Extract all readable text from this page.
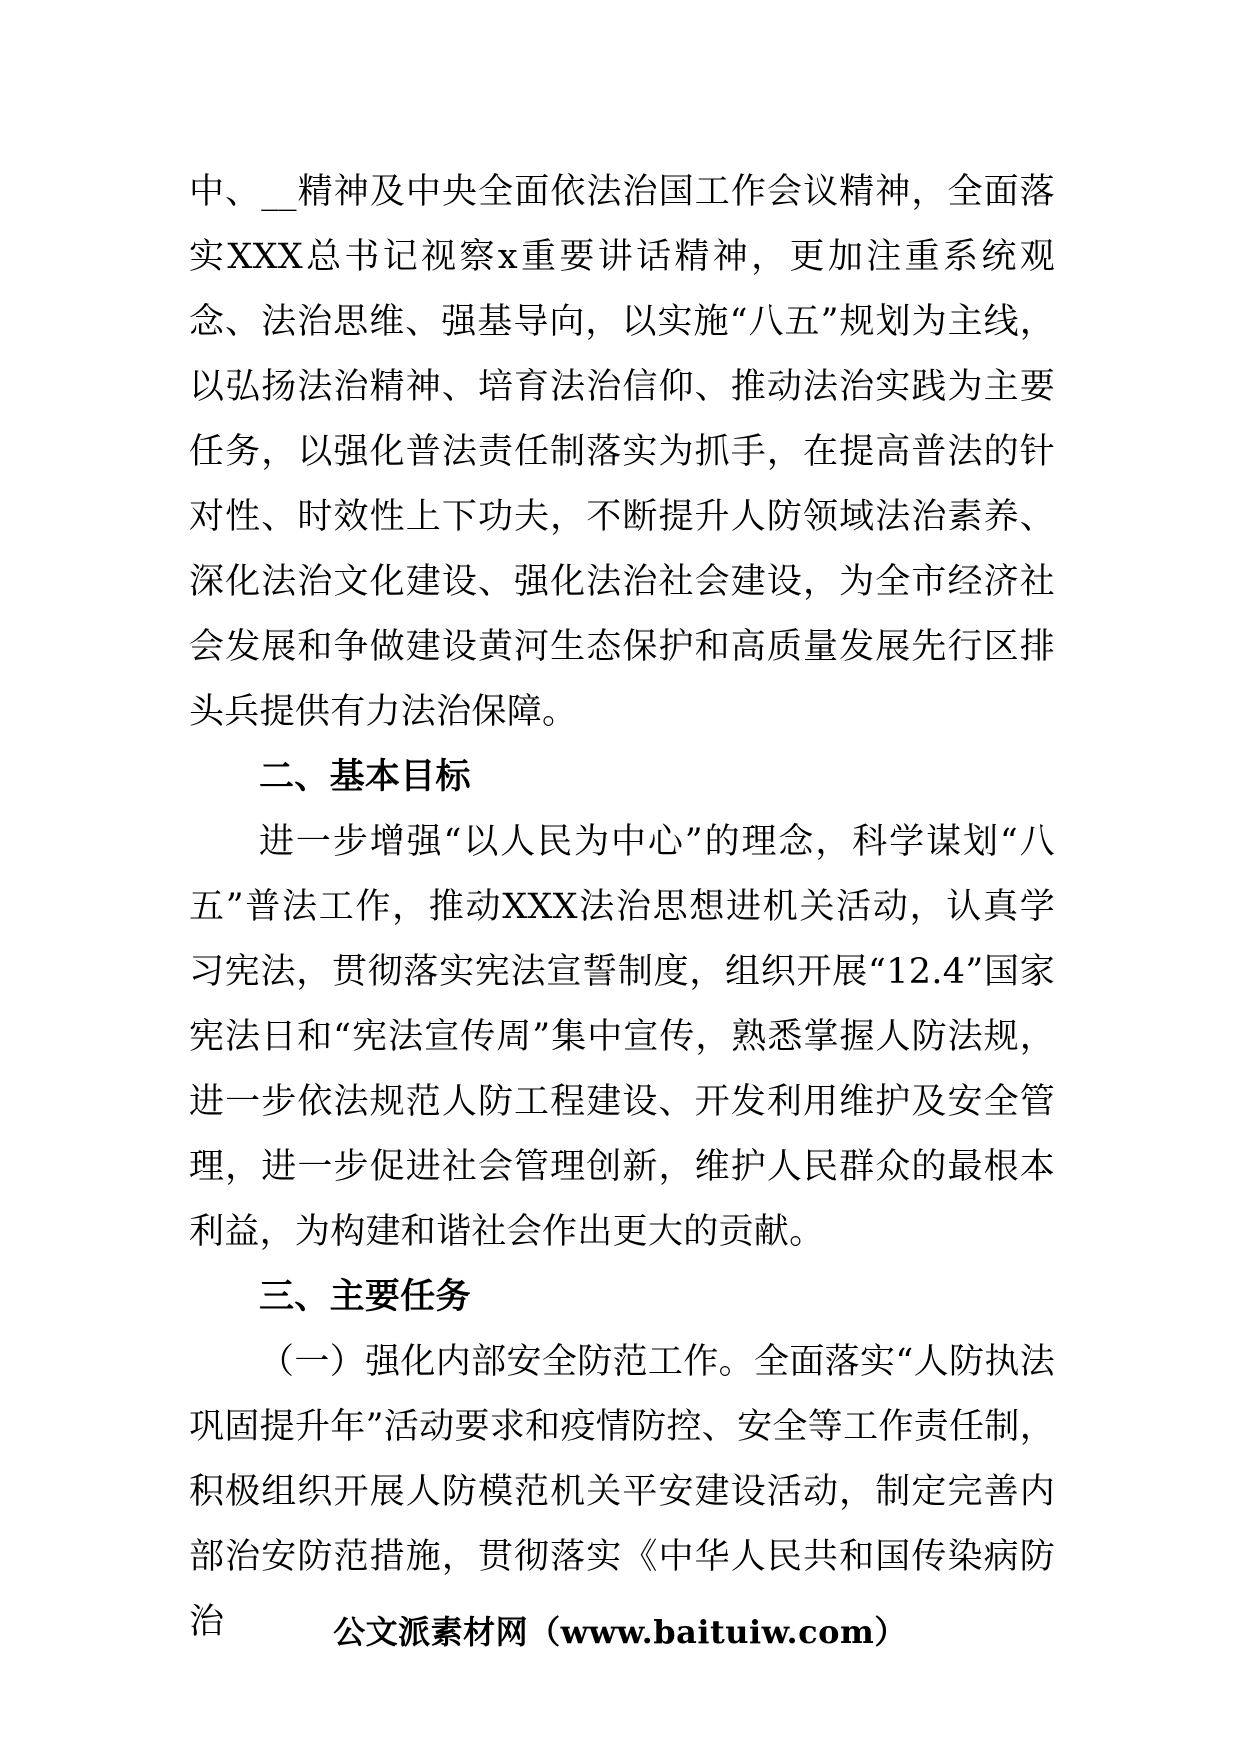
中、__精神及中央全面依法治国工作会议精神，全面落实XXX总书记视察x重要讲话精神，更加注重系统观念、法治思维、强基导向，以实施“八五”规划为主线，以弘扬法治精神、培育法治信仰、推动法治实践为主要任务，以强化普法责任制落实为抓手，在提高普法的针对性、时效性上下功夫，不断提升人防领域法治素养、深化法治文化建设、强化法治社会建设，为全市经济社会发展和争做建设黄河生态保护和高质量发展先行区排头兵提供有力法治保障。

二、基本目标

进一步增强“以人民为中心”的理念，科学谋划“八五”普法工作，推动XXX法治思想进机关活动，认真学习宪法，贯彻落实宪法宣誓制度，组织开展“12.4”国家宪法日和“宪法宣传周”集中宣传，熟悉掌握人防法规，进一步依法规范人防工程建设、开发利用维护及安全管理，进一步促进社会管理创新，维护人民群众的最根本利益，为构建和谐社会作出更大的贡献。

三、主要任务

（一）强化内部安全防范工作。全面落实“人防执法巩固提升年”活动要求和疫情防控、安全等工作责任制，积极组织开展人防模范机关平安建设活动，制定完善内部治安防范措施，贯彻落实《中华人民共和国传染病防治	公文派素材网（www.baituiw.com）
